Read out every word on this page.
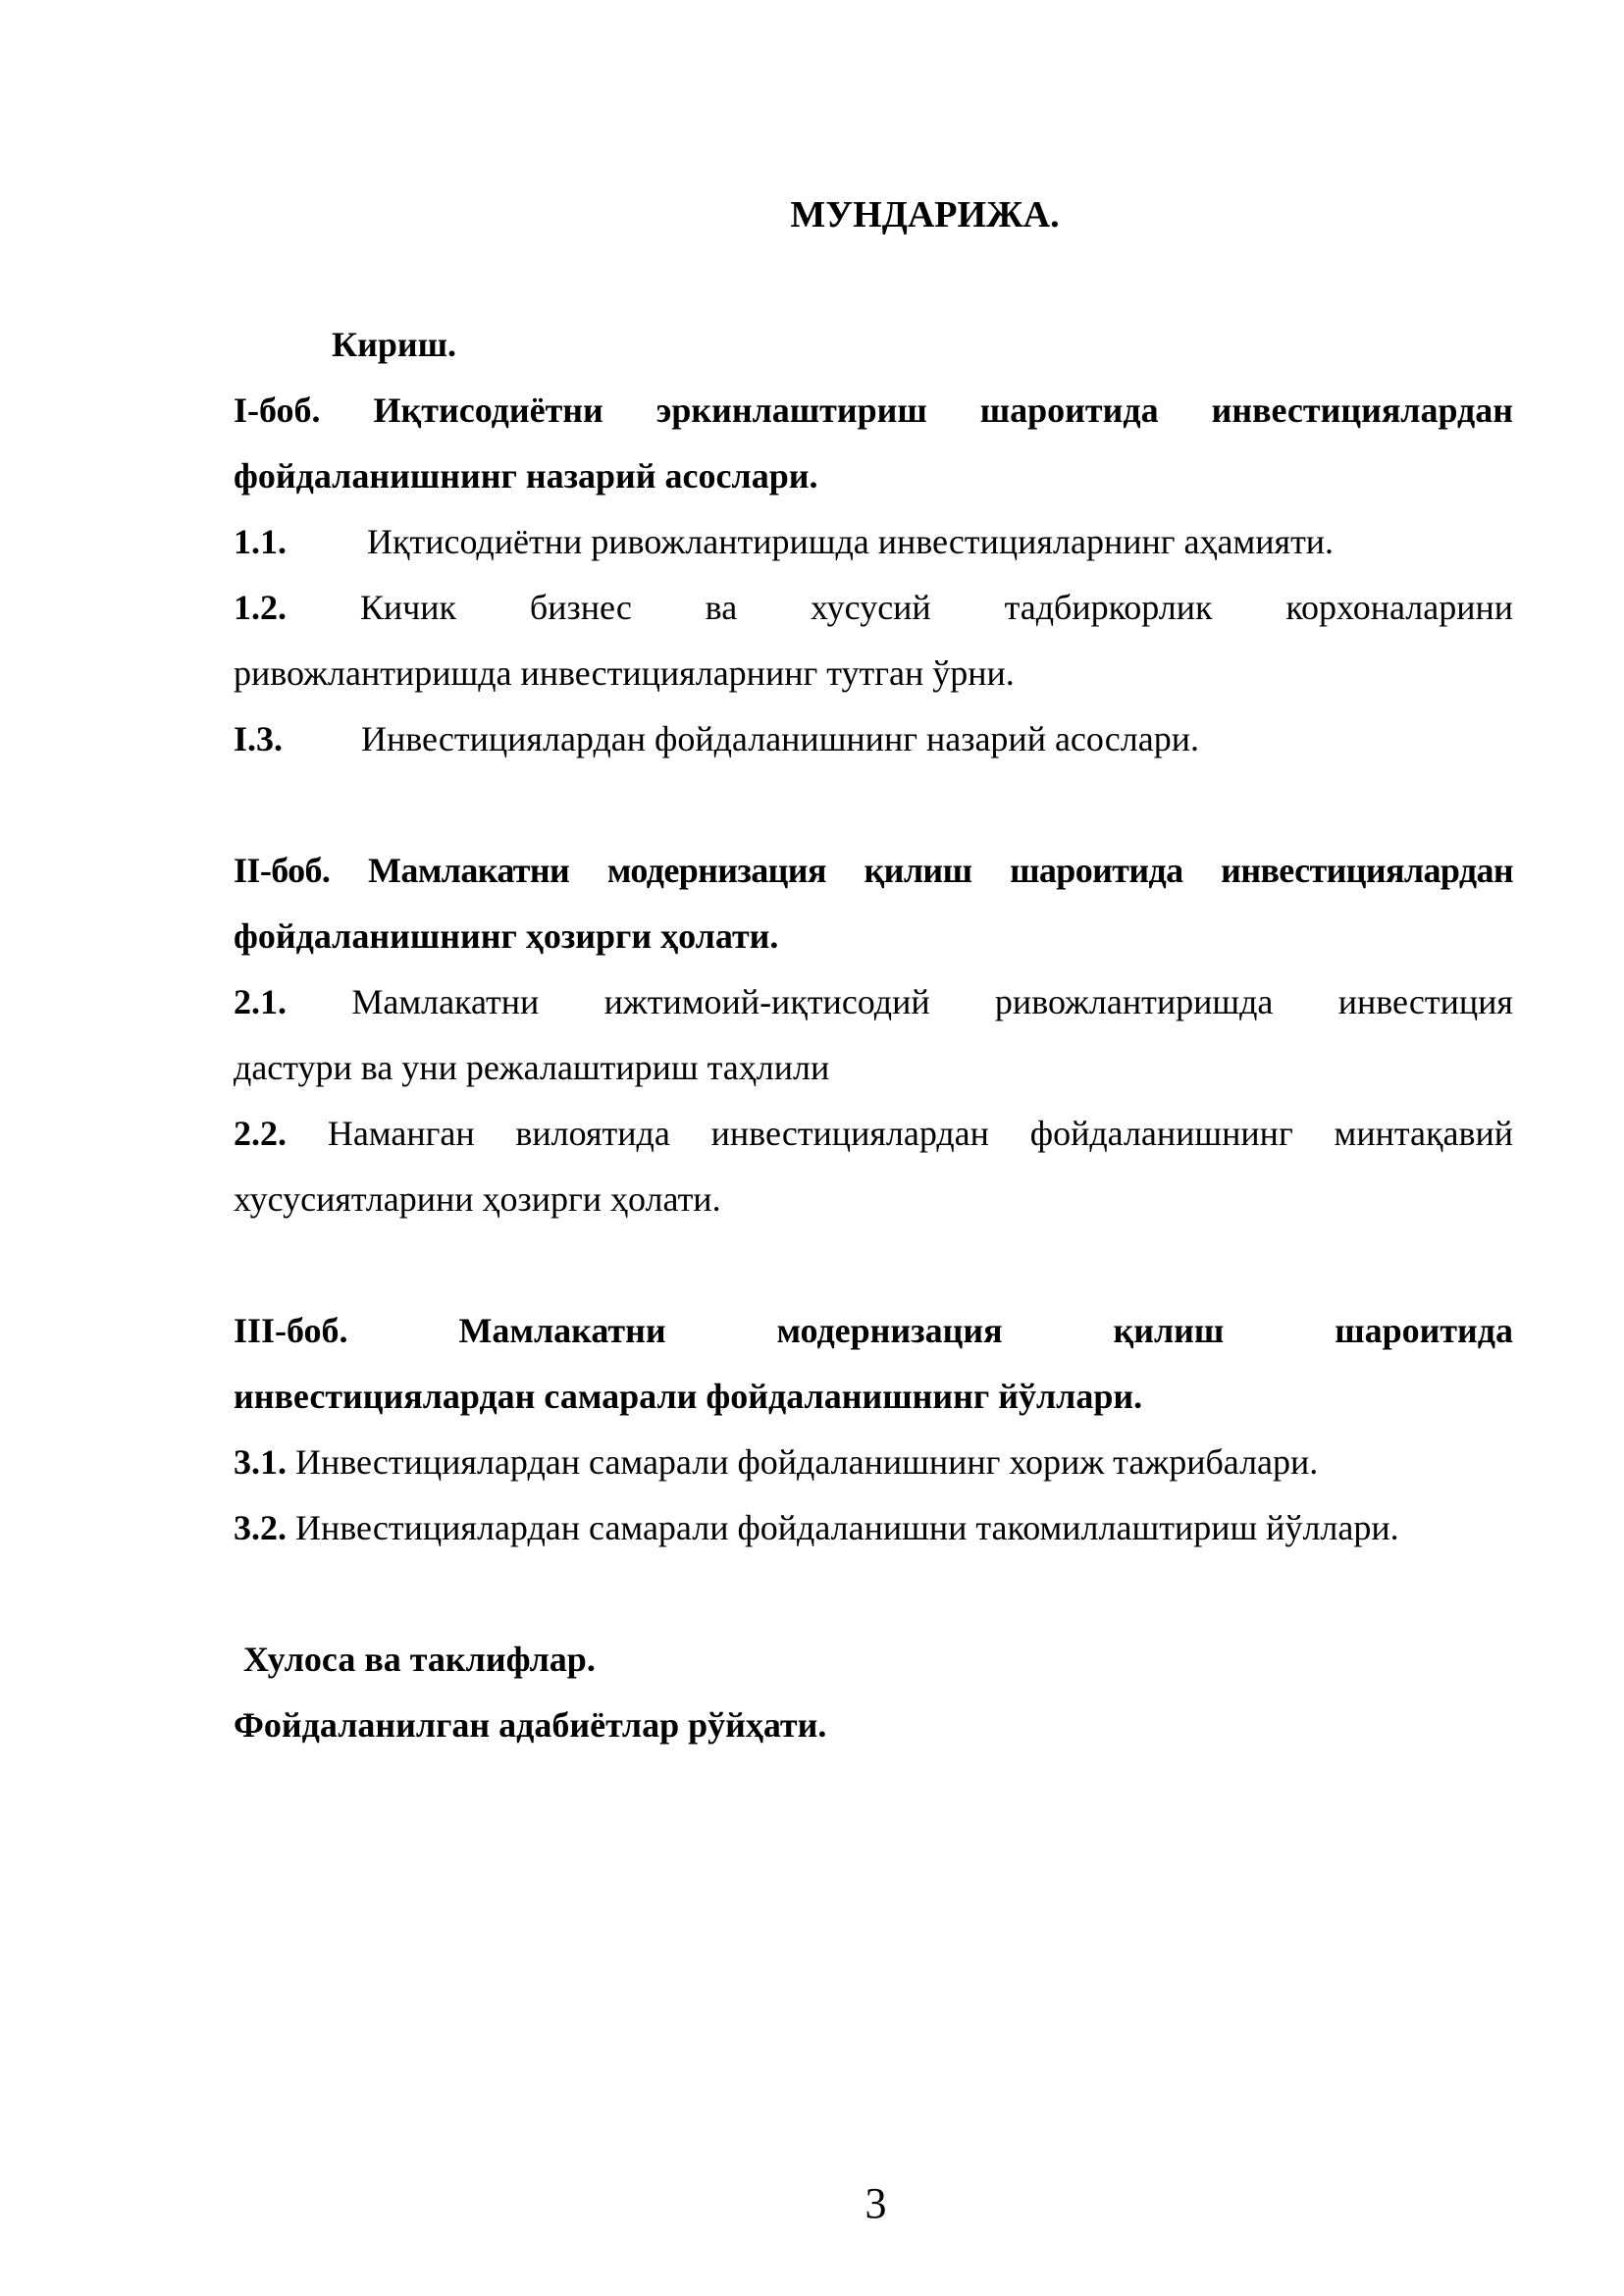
МУНДАРИЖА.
Кириш.
I-боб. Иқтисодиётни эркинлаштириш шароитида инвестициялардан
фойдаланишнинг назарий асослари.
1.1. Иқтисодиётни ривожлантиришда инвестицияларнинг аҳамияти.
1.2. Кичик бизнес ва хусусий тадбиркорлик корхоналарини
ривожлантиришда инвестицияларнинг тутган ўрни.
I.3. Инвестициялардан фойдаланишнинг назарий асослари.
II-боб. Мамлакатни модернизация қилиш шароитида инвестициялардан
фойдаланишнинг ҳозирги ҳолати.
2.1. Мамлакатни ижтимоий-иқтисодий ривожлантиришда инвестиция
дастури ва уни режалаштириш таҳлили
2.2. Наманган вилоятида инвестициялардан фойдаланишнинг минтақавий
хусусиятларини ҳозирги ҳолати.
III-боб. Мамлакатни модернизация қилиш шароитида
инвестициялардан самарали фойдаланишнинг йўллари.
3.1. Инвестициялардан самарали фойдаланишнинг хориж тажрибалари.
3.2. Инвестициялардан самарали фойдаланишни такомиллаштириш йўллари.
Хулоса ва таклифлар.
Фойдаланилган адабиётлар рўйҳати.
3
